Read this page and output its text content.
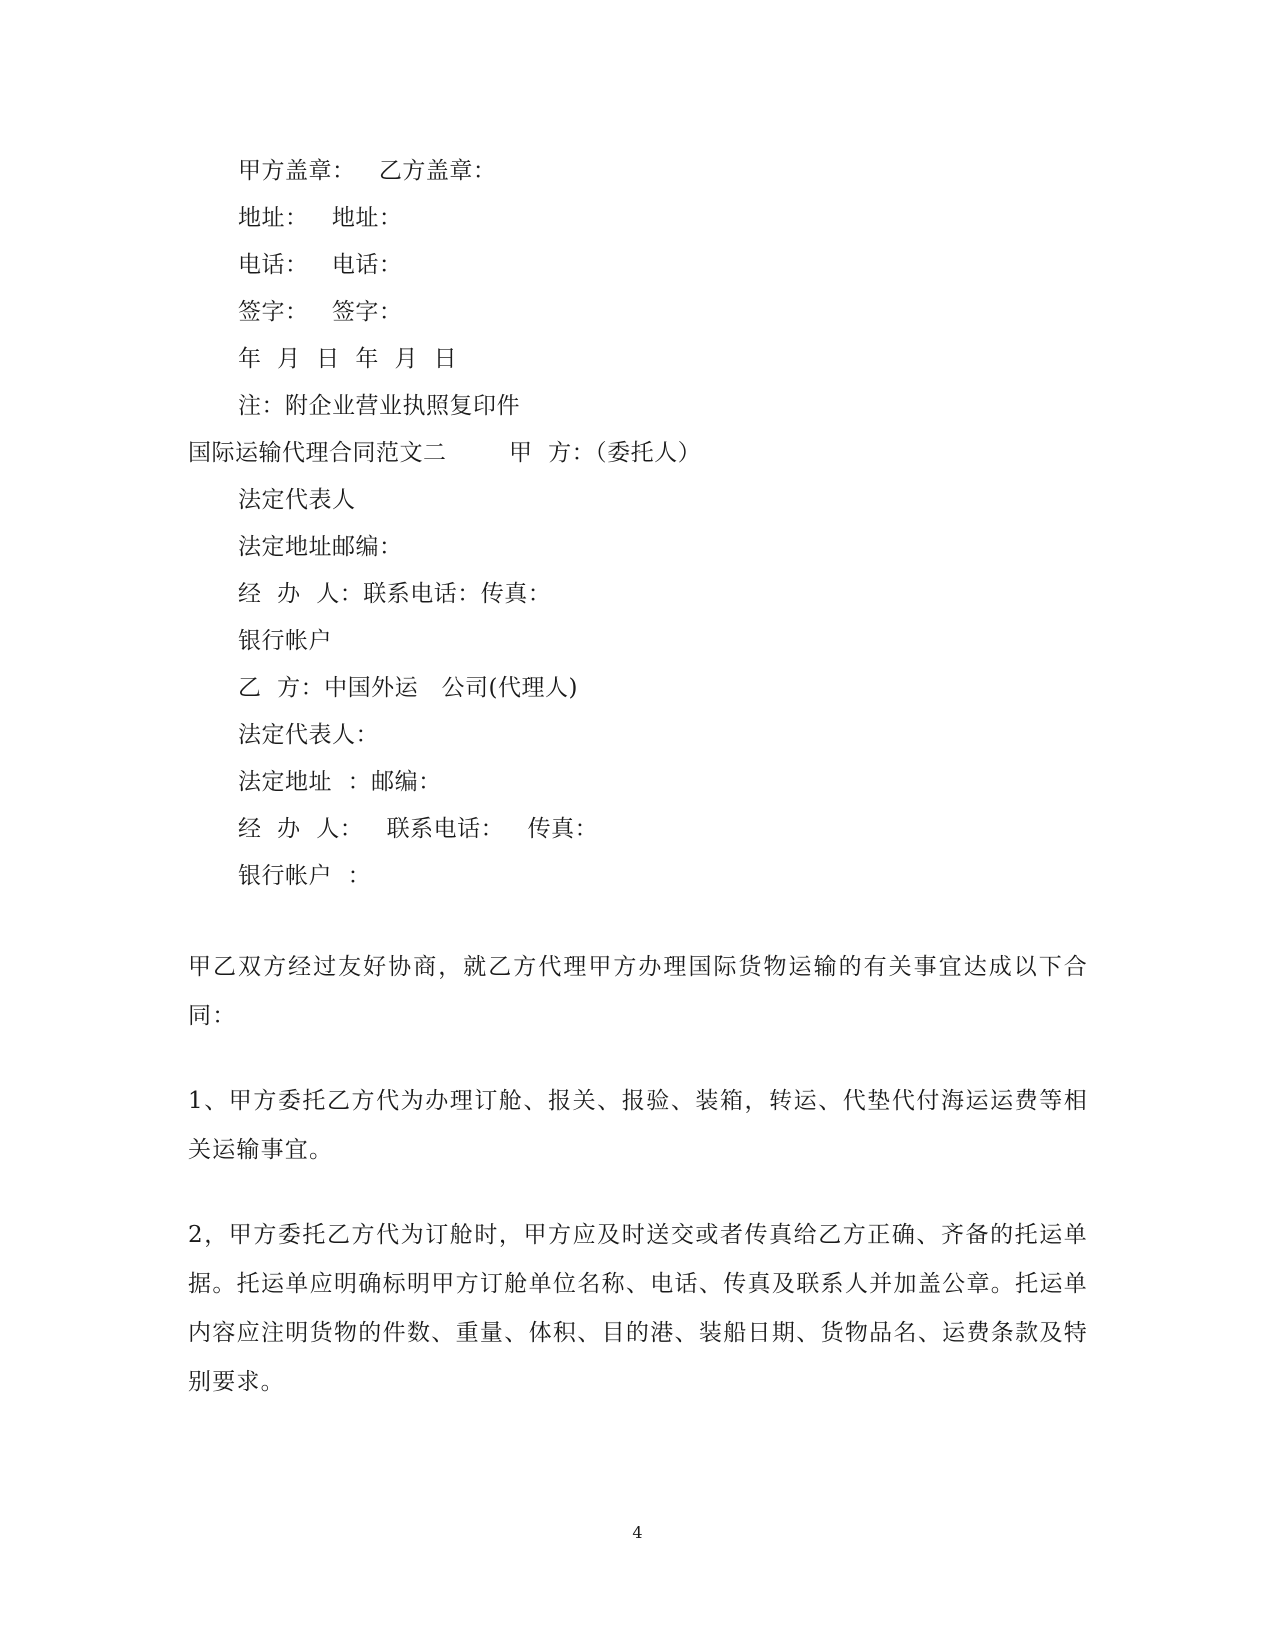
甲方盖章：   乙方盖章：
地址：   地址：
电话：   电话：
签字：   签字：
年  月  日  年  月  日
注：附企业营业执照复印件
国际运输代理合同范文二        甲  方：（委托人）
法定代表人
法定地址邮编：
经  办  人：联系电话：传真：
银行帐户
乙  方：中国外运   公司(代理人)
法定代表人：
法定地址  ：邮编：
经  办  人：   联系电话：   传真：
银行帐户  ：
甲乙双方经过友好协商，就乙方代理甲方办理国际货物运输的有关事宜达成以下合同：
1、甲方委托乙方代为办理订舱、报关、报验、装箱，转运、代垫代付海运运费等相关运输事宜。
2，甲方委托乙方代为订舱时，甲方应及时送交或者传真给乙方正确、齐备的托运单据。托运单应明确标明甲方订舱单位名称、电话、传真及联系人并加盖公章。托运单内容应注明货物的件数、重量、体积、目的港、装船日期、货物品名、运费条款及特别要求。
4
